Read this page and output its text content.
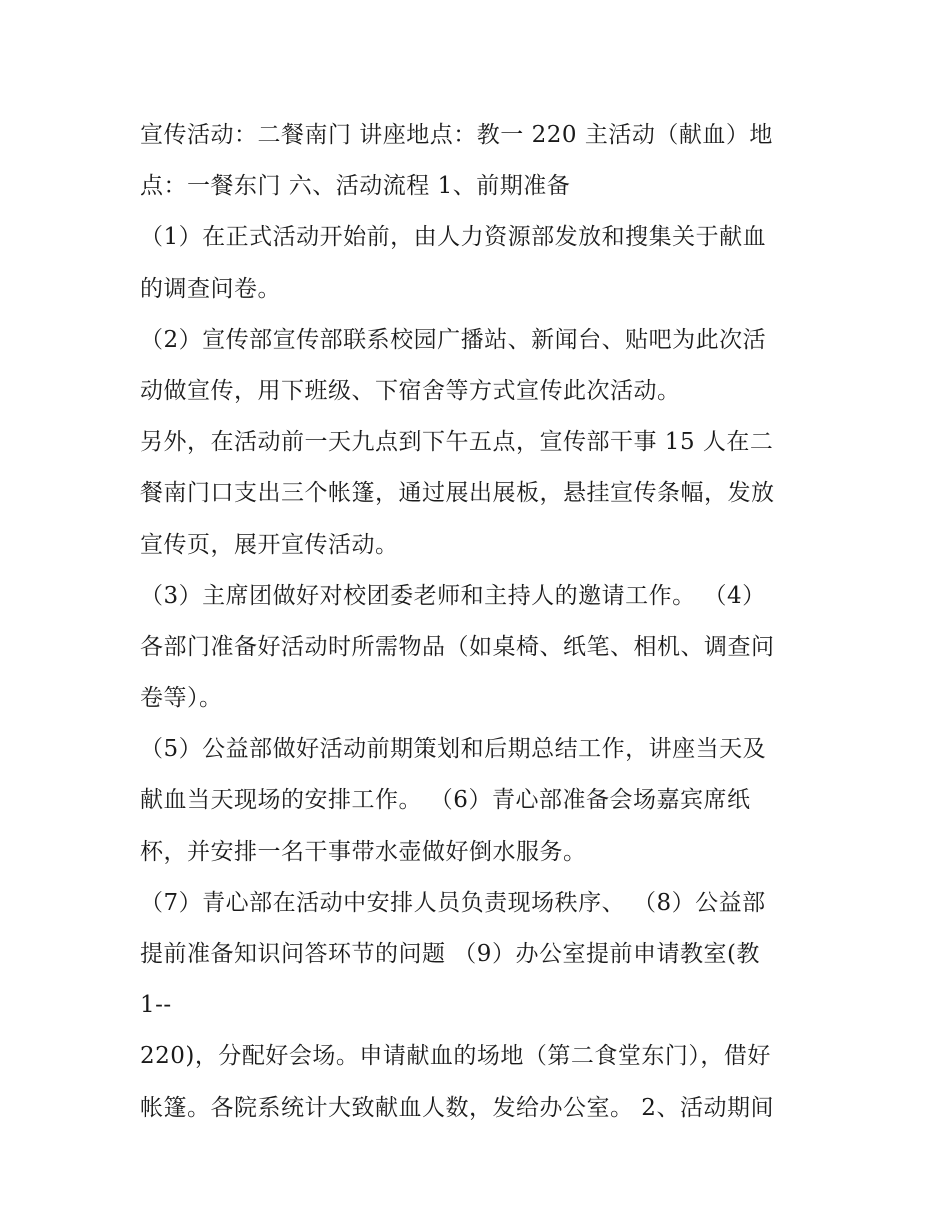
宣传活动：二餐南门 讲座地点：教一 220 主活动（献血）地
点：一餐东门 六、活动流程 1、前期准备
（1）在正式活动开始前，由人力资源部发放和搜集关于献血
的调查问卷。
（2）宣传部宣传部联系校园广播站、新闻台、贴吧为此次活
动做宣传，用下班级、下宿舍等方式宣传此次活动。
另外，在活动前一天九点到下午五点，宣传部干事 15 人在二
餐南门口支出三个帐篷，通过展出展板，悬挂宣传条幅，发放
宣传页，展开宣传活动。
（3）主席团做好对校团委老师和主持人的邀请工作。 （4）
各部门准备好活动时所需物品（如桌椅、纸笔、相机、调查问
卷等）。
（5）公益部做好活动前期策划和后期总结工作，讲座当天及
献血当天现场的安排工作。 （6）青心部准备会场嘉宾席纸
杯，并安排一名干事带水壶做好倒水服务。
（7）青心部在活动中安排人员负责现场秩序、 （8）公益部
提前准备知识问答环节的问题 （9）办公室提前申请教室(教
1--
220)，分配好会场。申请献血的场地（第二食堂东门），借好
帐篷。各院系统计大致献血人数，发给办公室。 2、活动期间
